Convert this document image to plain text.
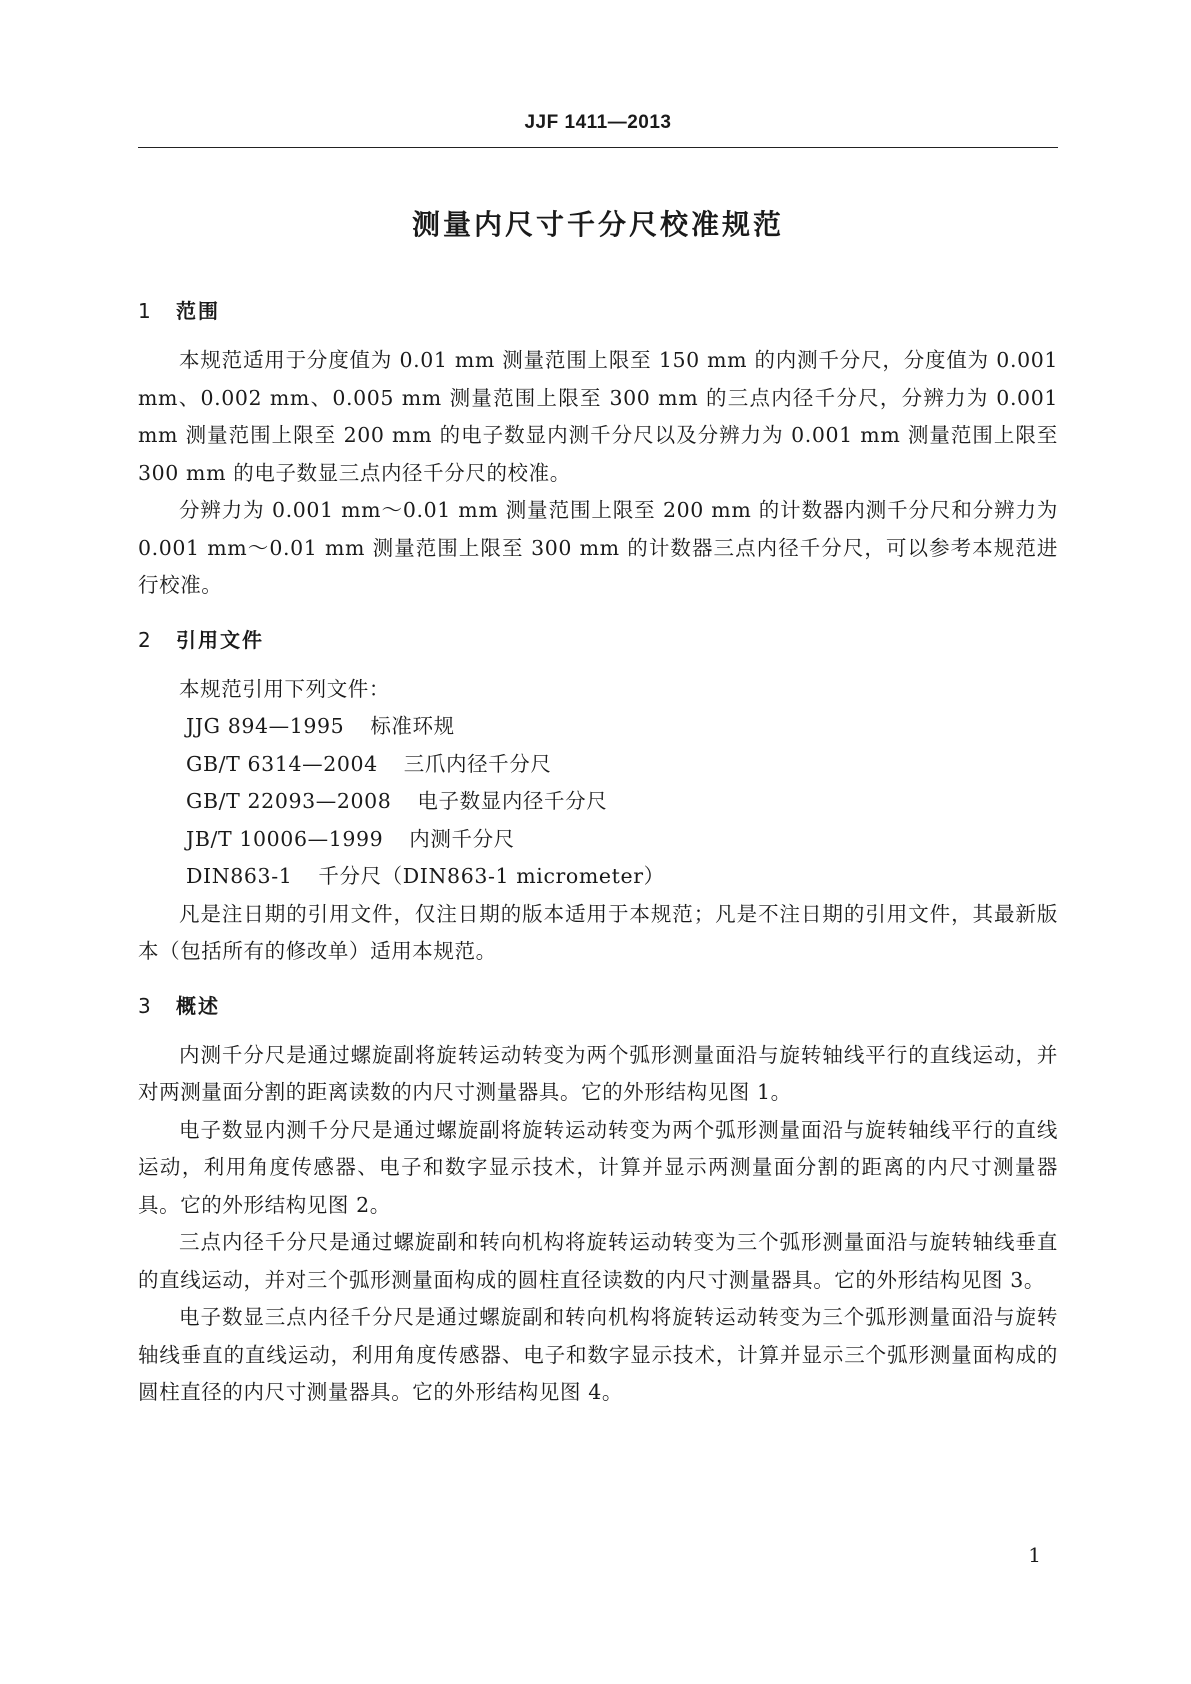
JJF 1411—2013
测量内尺寸千分尺校准规范
1 范围

本规范适用于分度值为 0.01 mm 测量范围上限至 150 mm 的内测千分尺，分度值为 0.001 mm、0.002 mm、0.005 mm 测量范围上限至 300 mm 的三点内径千分尺，分辨力为 0.001 mm 测量范围上限至 200 mm 的电子数显内测千分尺以及分辨力为 0.001 mm 测量范围上限至 300 mm 的电子数显三点内径千分尺的校准。

分辨力为 0.001 mm～0.01 mm 测量范围上限至 200 mm 的计数器内测千分尺和分辨力为 0.001 mm～0.01 mm 测量范围上限至 300 mm 的计数器三点内径千分尺，可以参考本规范进行校准。

2 引用文件

本规范引用下列文件：

JJG 894—1995 标准环规
GB/T 6314—2004 三爪内径千分尺
GB/T 22093—2008 电子数显内径千分尺
JB/T 10006—1999 内测千分尺
DIN863-1 千分尺（DIN863-1 micrometer）

凡是注日期的引用文件，仅注日期的版本适用于本规范；凡是不注日期的引用文件，其最新版本（包括所有的修改单）适用本规范。

3 概述

内测千分尺是通过螺旋副将旋转运动转变为两个弧形测量面沿与旋转轴线平行的直线运动，并对两测量面分割的距离读数的内尺寸测量器具。它的外形结构见图 1。

电子数显内测千分尺是通过螺旋副将旋转运动转变为两个弧形测量面沿与旋转轴线平行的直线运动，利用角度传感器、电子和数字显示技术，计算并显示两测量面分割的距离的内尺寸测量器具。它的外形结构见图 2。

三点内径千分尺是通过螺旋副和转向机构将旋转运动转变为三个弧形测量面沿与旋转轴线垂直的直线运动，并对三个弧形测量面构成的圆柱直径读数的内尺寸测量器具。它的外形结构见图 3。

电子数显三点内径千分尺是通过螺旋副和转向机构将旋转运动转变为三个弧形测量面沿与旋转轴线垂直的直线运动，利用角度传感器、电子和数字显示技术，计算并显示三个弧形测量面构成的圆柱直径的内尺寸测量器具。它的外形结构见图 4。

1
